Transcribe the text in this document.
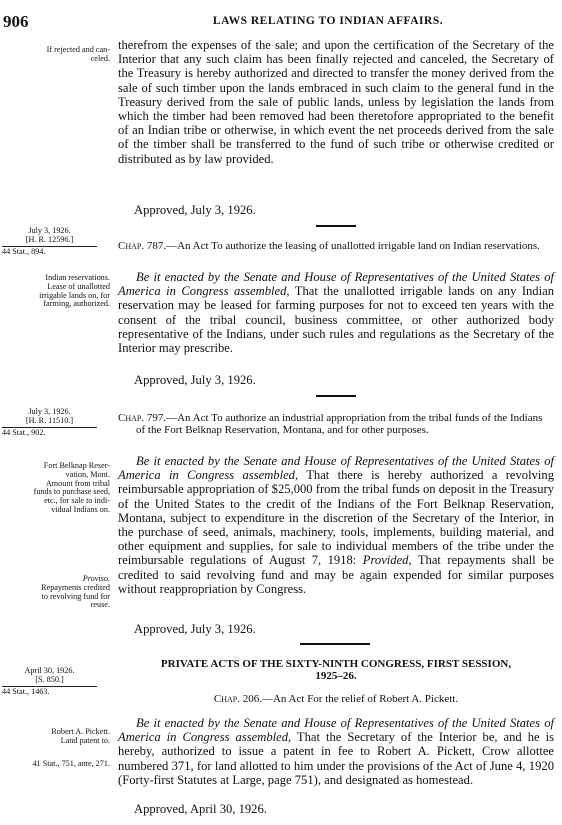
906	LAWS RELATING TO INDIAN AFFAIRS.
If rejected and can-
celed.

therefrom the expenses of the sale; and upon the certification of the Secretary of the Interior that any such claim has been finally rejected and canceled, the Secretary of the Treasury is hereby authorized and directed to transfer the money derived from the sale of such timber upon the lands embraced in such claim to the general fund in the Treasury derived from the sale of public lands, unless by legislation the lands from which the timber had been removed had been theretofore appropriated to the benefit of an Indian tribe or otherwise, in which event the net proceeds derived from the sale of the timber shall be transferred to the fund of such tribe or otherwise credited or distributed as by law provided.

Approved, July 3, 1926.
July 3, 1926.
[H. R. 12596.]
44 Stat., 894.	Chap. 787.—An Act To authorize the leasing of unallotted irrigable land on Indian reservations.
Indian reservations.
Lease of unallotted
irrigable lands on, for
farming, authorized.

Be it enacted by the Senate and House of Representatives of the United States of America in Congress assembled, That the unallotted irrigable lands on any Indian reservation may be leased for farming purposes for not to exceed ten years with the consent of the tribal council, business committee, or other authorized body representative of the Indians, under such rules and regulations as the Secretary of the Interior may prescribe.

Approved, July 3, 1926.
July 3, 1926.
[H. R. 11510.]
44 Stat., 902.
Chap. 797.—An Act To authorize an industrial appropriation from the tribal funds of the Indians of the Fort Belknap Reservation, Montana, and for other purposes.
Fort Belknap Reser-
vation, Mont.
Amount from tribal
funds to purchase seed,
etc., for sale to indi-
vidual Indians on.
Proviso.
Repayments credited
to revolving fund for
reuse.

Be it enacted by the Senate and House of Representatives of the United States of America in Congress assembled, That there is hereby authorized a revolving reimbursable appropriation of $25,000 from the tribal funds on deposit in the Treasury of the United States to the credit of the Indians of the Fort Belknap Reservation, Montana, subject to expenditure in the discretion of the Secretary of the Interior, in the purchase of seed, animals, machinery, tools, implements, building material, and other equipment and supplies, for sale to individual members of the tribe under the reimbursable regulations of August 7, 1918: Provided, That repayments shall be credited to said revolving fund and may be again expended for similar purposes without reappropriation by Congress.

Approved, July 3, 1926.
PRIVATE ACTS OF THE SIXTY-NINTH CONGRESS, FIRST SESSION,
1925–26.
April 30, 1926.
[S. 850.]
44 Stat., 1463.
Chap. 206.—An Act For the relief of Robert A. Pickett.
Robert A. Pickett.
Land patent to.
41 Stat., 751, ante, 271.

Be it enacted by the Senate and House of Representatives of the United States of America in Congress assembled, That the Secretary of the Interior be, and he is hereby, authorized to issue a patent in fee to Robert A. Pickett, Crow allottee numbered 371, for land allotted to him under the provisions of the Act of June 4, 1920 (Forty-first Statutes at Large, page 751), and designated as homestead.

Approved, April 30, 1926.
